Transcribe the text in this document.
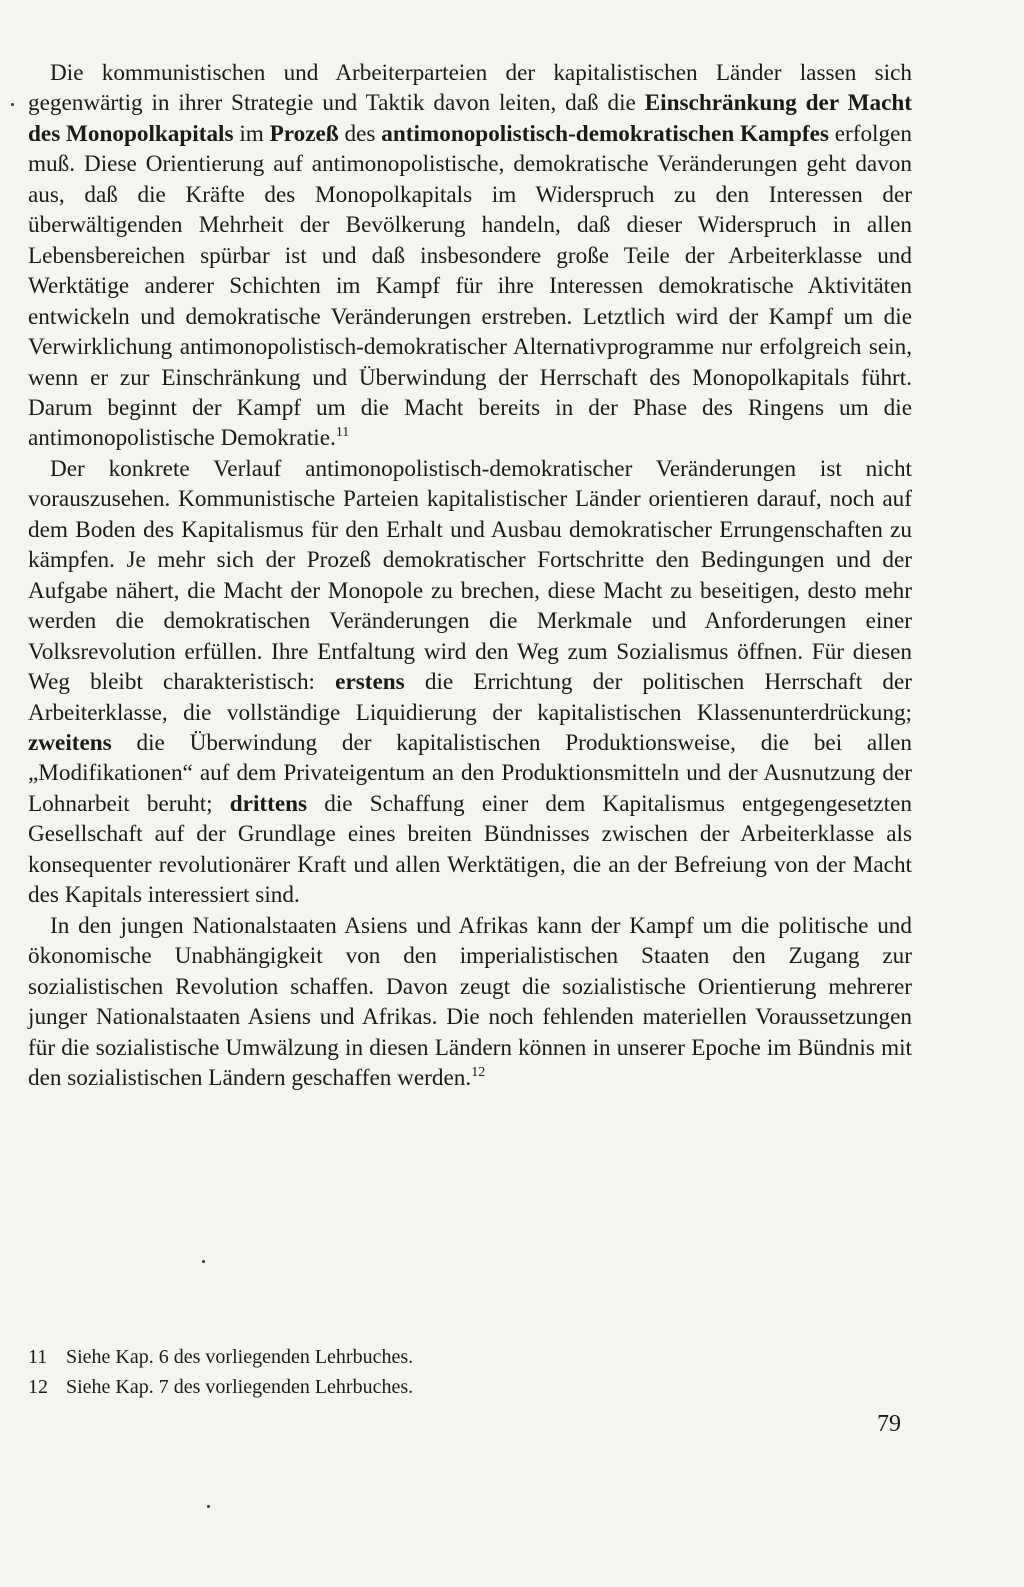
Die kommunistischen und Arbeiterparteien der kapitalistischen Länder lassen sich gegenwärtig in ihrer Strategie und Taktik davon leiten, daß die Einschränkung der Macht des Monopolkapitals im Prozeß des antimonopolistisch-demokratischen Kampfes erfolgen muß. Diese Orientierung auf antimonopolistische, demokratische Veränderungen geht davon aus, daß die Kräfte des Monopolkapitals im Widerspruch zu den Interessen der überwältigenden Mehrheit der Bevölkerung handeln, daß dieser Widerspruch in allen Lebensbereichen spürbar ist und daß insbesondere große Teile der Arbeiterklasse und Werktätige anderer Schichten im Kampf für ihre Interessen demokratische Aktivitäten entwickeln und demokratische Veränderungen erstreben. Letztlich wird der Kampf um die Verwirklichung antimonopolistisch-demokratischer Alternativprogramme nur erfolgreich sein, wenn er zur Einschränkung und Überwindung der Herrschaft des Monopolkapitals führt. Darum beginnt der Kampf um die Macht bereits in der Phase des Ringens um die antimonopolistische Demokratie.$^{11}$

Der konkrete Verlauf antimonopolistisch-demokratischer Veränderungen ist nicht vorauszusehen. Kommunistische Parteien kapitalistischer Länder orientieren darauf, noch auf dem Boden des Kapitalismus für den Erhalt und Ausbau demokratischer Errungenschaften zu kämpfen. Je mehr sich der Prozeß demokratischer Fortschritte den Bedingungen und der Aufgabe nähert, die Macht der Monopole zu brechen, diese Macht zu beseitigen, desto mehr werden die demokratischen Veränderungen die Merkmale und Anforderungen einer Volksrevolution erfüllen. Ihre Entfaltung wird den Weg zum Sozialismus öffnen. Für diesen Weg bleibt charakteristisch: erstens die Errichtung der politischen Herrschaft der Arbeiterklasse, die vollständige Liquidierung der kapitalistischen Klassenunterdrückung; zweitens die Überwindung der kapitalistischen Produktionsweise, die bei allen „Modifikationen“ auf dem Privateigentum an den Produktionsmitteln und der Ausnutzung der Lohnarbeit beruht; drittens die Schaffung einer dem Kapitalismus entgegengesetzten Gesellschaft auf der Grundlage eines breiten Bündnisses zwischen der Arbeiterklasse als konsequenter revolutionärer Kraft und allen Werktätigen, die an der Befreiung von der Macht des Kapitals interessiert sind.

In den jungen Nationalstaaten Asiens und Afrikas kann der Kampf um die politische und ökonomische Unabhängigkeit von den imperialistischen Staaten den Zugang zur sozialistischen Revolution schaffen. Davon zeugt die sozialistische Orientierung mehrerer junger Nationalstaaten Asiens und Afrikas. Die noch fehlenden materiellen Voraussetzungen für die sozialistische Umwälzung in diesen Ländern können in unserer Epoche im Bündnis mit den sozialistischen Ländern geschaffen werden.$^{12}$

11 Siehe Kap. 6 des vorliegenden Lehrbuches.
12 Siehe Kap. 7 des vorliegenden Lehrbuches.
79
